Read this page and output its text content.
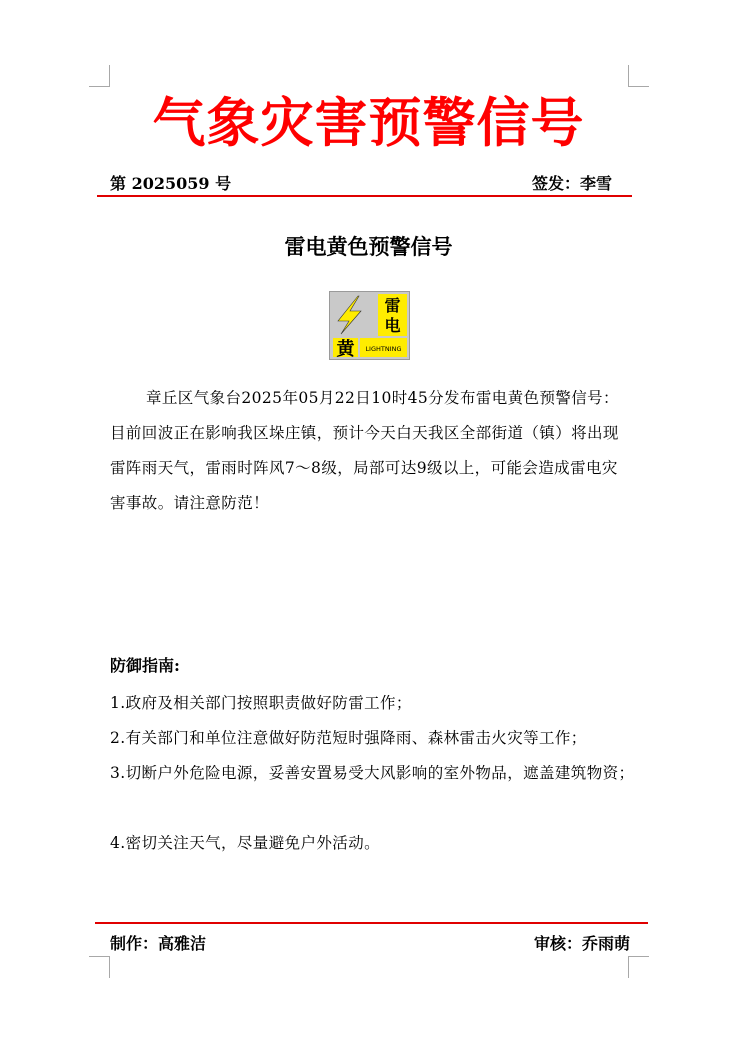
气象灾害预警信号
第 2025059 号	签发：李雪
雷电黄色预警信号
雷
电
黄 LIGHTNING

章丘区气象台2025年05月22日10时45分发布雷电黄色预警信号：目前回波正在影响我区垛庄镇，预计今天白天我区全部街道（镇）将出现雷阵雨天气，雷雨时阵风7～8级，局部可达9级以上，可能会造成雷电灾害事故。请注意防范！

防御指南:

1.政府及相关部门按照职责做好防雷工作；

2.有关部门和单位注意做好防范短时强降雨、森林雷击火灾等工作；

3.切断户外危险电源，妥善安置易受大风影响的室外物品，遮盖建筑物资；

4.密切关注天气，尽量避免户外活动。

制作：高雅洁	审核：乔雨萌
